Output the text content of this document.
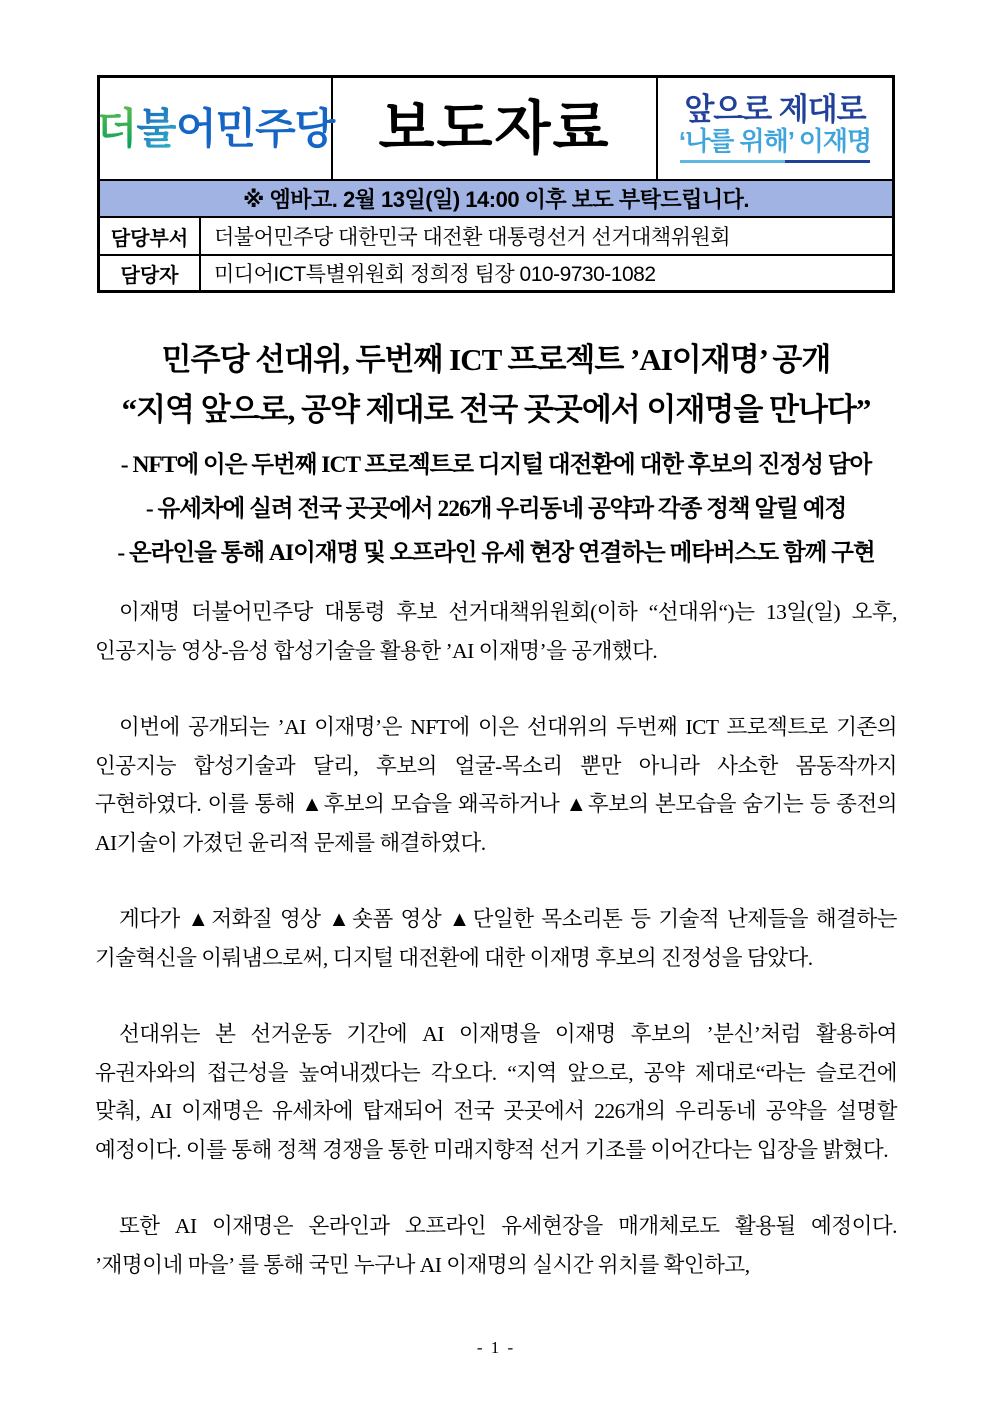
더불어민주당 보도자료 앞으로 제대로
‘나를 위해’ 이재명
※ 엠바고. 2월 13일(일) 14:00 이후 보도 부탁드립니다.
담당부서	더불어민주당 대한민국 대전환 대통령선거 선거대책위원회
담당자	미디어ICT특별위원회 정희정 팀장 010-9730-1082
민주당 선대위, 두번째 ICT 프로젝트 ’AI이재명’ 공개
“지역 앞으로, 공약 제대로 전국 곳곳에서 이재명을 만나다”
- NFT에 이은 두번째 ICT 프로젝트로 디지털 대전환에 대한 후보의 진정성 담아
- 유세차에 실려 전국 곳곳에서 226개 우리동네 공약과 각종 정책 알릴 예정
- 온라인을 통해 AI이재명 및 오프라인 유세 현장 연결하는 메타버스도 함께 구현

이재명 더불어민주당 대통령 후보 선거대책위원회(이하 “선대위“)는 13일(일) 오후, 인공지능 영상-음성 합성기술을 활용한 ’AI 이재명’을 공개했다.

이번에 공개되는 ’AI 이재명’은 NFT에 이은 선대위의 두번째 ICT 프로젝트로 기존의 인공지능 합성기술과 달리, 후보의 얼굴-목소리 뿐만 아니라 사소한 몸동작까지 구현하였다. 이를 통해 ▲후보의 모습을 왜곡하거나 ▲후보의 본모습을 숨기는 등 종전의 AI기술이 가졌던 윤리적 문제를 해결하였다.

게다가 ▲저화질 영상 ▲숏폼 영상 ▲단일한 목소리톤 등 기술적 난제들을 해결하는 기술혁신을 이뤄냄으로써, 디지털 대전환에 대한 이재명 후보의 진정성을 담았다.

선대위는 본 선거운동 기간에 AI 이재명을 이재명 후보의 ’분신’처럼 활용하여 유권자와의 접근성을 높여내겠다는 각오다. “지역 앞으로, 공약 제대로“라는 슬로건에 맞춰, AI 이재명은 유세차에 탑재되어 전국 곳곳에서 226개의 우리동네 공약을 설명할 예정이다. 이를 통해 정책 경쟁을 통한 미래지향적 선거 기조를 이어간다는 입장을 밝혔다.

또한 AI 이재명은 온라인과 오프라인 유세현장을 매개체로도 활용될 예정이다. ’재명이네 마을’ 를 통해 국민 누구나 AI 이재명의 실시간 위치를 확인하고,

- 1 -
